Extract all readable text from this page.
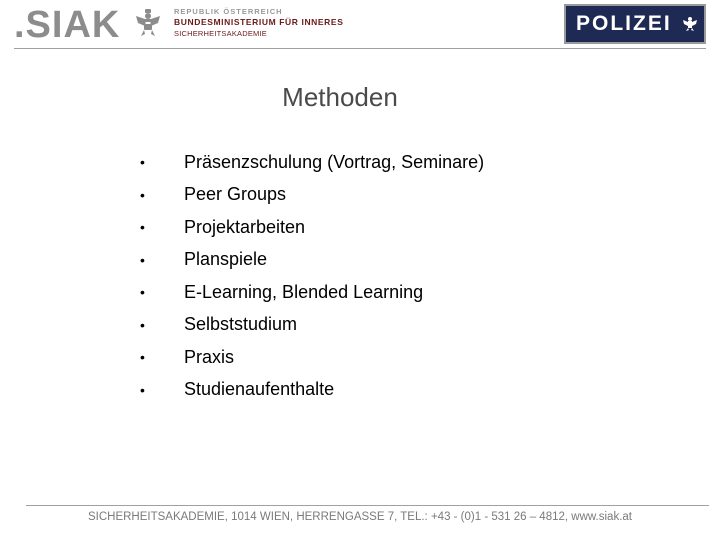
.SIAK	REPUBLIK ÖSTERREICH
BUNDESMINISTERIUM FÜR INNERES
SICHERHEITSAKADEMIE	POLIZEI
Methoden
•	Präsenzschulung (Vortrag, Seminare)
•	Peer Groups
•	Projektarbeiten
•	Planspiele
•	E-Learning, Blended Learning
•	Selbststudium
•	Praxis
•	Studienaufenthalte
SICHERHEITSAKADEMIE, 1014 WIEN, HERRENGASSE 7, TEL.: +43 - (0)1 - 531 26 – 4812, www.siak.at
